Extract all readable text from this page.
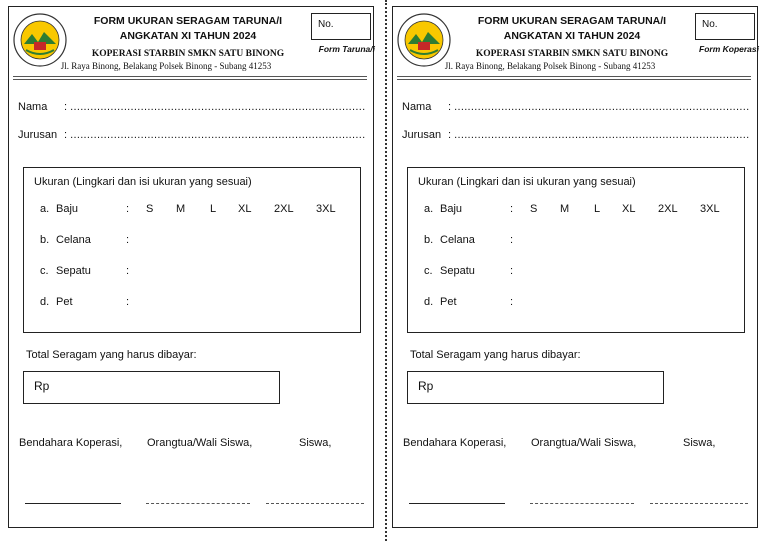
FORM UKURAN SERAGAM TARUNA/I
ANGKATAN XI TAHUN 2024
KOPERASI STARBIN SMKN SATU BINONG
Jl. Raya Binong, Belakang Polsek Binong - Subang 41253
No.
Form Taruna/i
Nama : ........................................................................................
Jurusan : ........................................................................................
Ukuran (Lingkari dan isi ukuran yang sesuai)
a. Baju	: S M L XL 2XL 3XL
b. Celana	:
c. Sepatu	:
d. Pet	:
Total Seragam yang harus dibayar:
Rp
Bendahara Koperasi, Orangtua/Wali Siswa,	Siswa,
FORM UKURAN SERAGAM TARUNA/I
ANGKATAN XI TAHUN 2024
KOPERASI STARBIN SMKN SATU BINONG
Jl. Raya Binong, Belakang Polsek Binong - Subang 41253
No.
Form Koperasi
Nama : ........................................................................................
Jurusan : ........................................................................................
Ukuran (Lingkari dan isi ukuran yang sesuai)
a. Baju	: S M L XL 2XL 3XL
b. Celana	:
c. Sepatu	:
d. Pet	:
Total Seragam yang harus dibayar:
Rp
Bendahara Koperasi, Orangtua/Wali Siswa,	Siswa,
